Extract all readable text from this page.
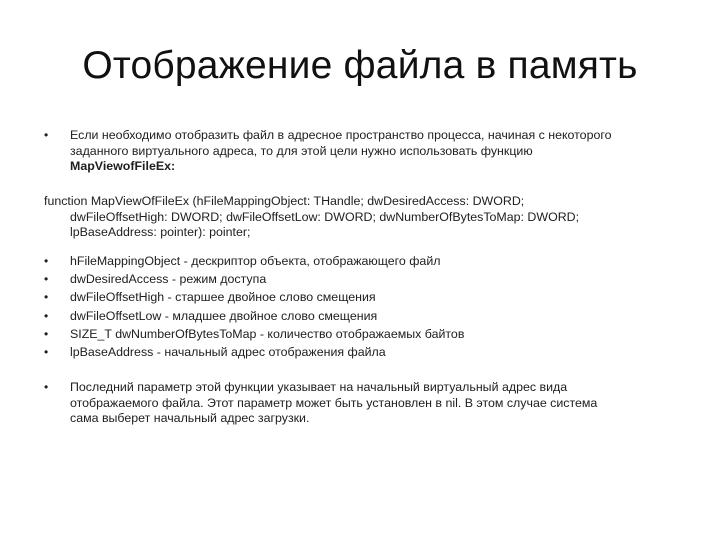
Отображение файла в память
•	Если необходимо отобразить файл в адресное пространство процесса, начиная с некоторого
заданного виртуального адреса, то для этой цели нужно использовать функцию
MapViewofFileEx:
function MapViewOfFileEx (hFileMappingObject: THandle; dwDesiredAccess: DWORD;
dwFileOffsetHigh: DWORD; dwFileOffsetLow: DWORD; dwNumberOfBytesToMap: DWORD;
lpBaseAddress: pointer): pointer;
•	hFileMappingObject - дескриптор объекта, отображающего файл
•	dwDesiredAccess - режим доступа
•	dwFileOffsetHigh - старшее двойное слово смещения
•	dwFileOffsetLow - младшее двойное слово смещения
•	SIZE_T dwNumberOfBytesToMap - количество отображаемых байтов
•	lpBaseAddress - начальный адрес отображения файла
•	Последний параметр этой функции указывает на начальный виртуальный адрес вида
отображаемого файла. Этот параметр может быть установлен в nil. В этом случае система
сама выберет начальный адрес загрузки.
